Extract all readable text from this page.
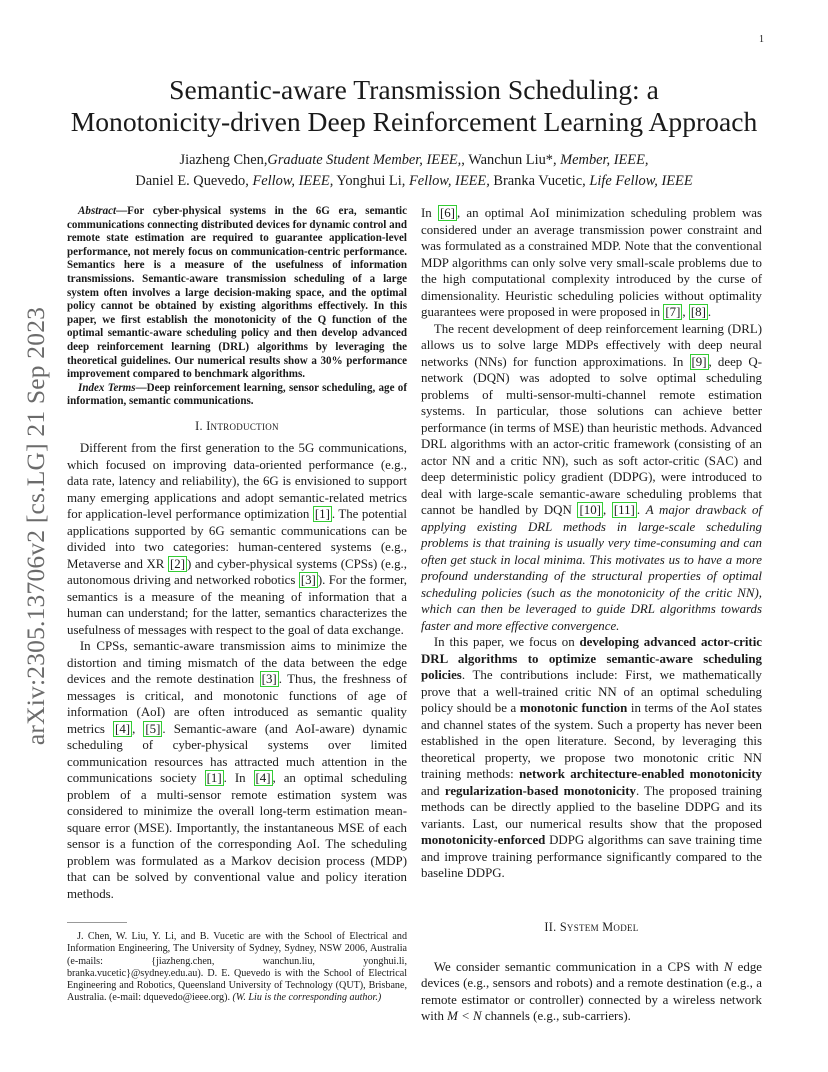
1
arXiv:2305.13706v2 [cs.LG] 21 Sep 2023
Semantic-aware Transmission Scheduling: a
Monotonicity-driven Deep Reinforcement Learning Approach
Jiazheng Chen,Graduate Student Member, IEEE,, Wanchun Liu*, Member, IEEE,
Daniel E. Quevedo, Fellow, IEEE, Yonghui Li, Fellow, IEEE, Branka Vucetic, Life Fellow, IEEE

Abstract—For cyber-physical systems in the 6G era, semantic communications connecting distributed devices for dynamic control and remote state estimation are required to guarantee application-level performance, not merely focus on communication-centric performance. Semantics here is a measure of the usefulness of information transmissions. Semantic-aware transmission scheduling of a large system often involves a large decision-making space, and the optimal policy cannot be obtained by existing algorithms effectively. In this paper, we first establish the monotonicity of the Q function of the optimal semantic-aware scheduling policy and then develop advanced deep reinforcement learning (DRL) algorithms by leveraging the theoretical guidelines. Our numerical results show a 30% performance improvement compared to benchmark algorithms.

Index Terms—Deep reinforcement learning, sensor scheduling, age of information, semantic communications.

I. Introduction

Different from the first generation to the 5G communications, which focused on improving data-oriented performance (e.g., data rate, latency and reliability), the 6G is envisioned to support many emerging applications and adopt semantic-related metrics for application-level performance optimization [1] . The potential applications supported by 6G semantic communications can be divided into two categories: human-centered systems (e.g., Metaverse and XR [2] ) and cyber-physical systems (CPSs) (e.g., autonomous driving and networked robotics [3] ). For the former, semantics is a measure of the meaning of information that a human can understand; for the latter, semantics characterizes the usefulness of messages with respect to the goal of data exchange.

In CPSs, semantic-aware transmission aims to minimize the distortion and timing mismatch of the data between the edge devices and the remote destination [3] . Thus, the freshness of messages is critical, and monotonic functions of age of information (AoI) are often introduced as semantic quality metrics [4] , [5] . Semantic-aware (and AoI-aware) dynamic scheduling of cyber-physical systems over limited communication resources has attracted much attention in the communications society [1] . In [4] , an optimal scheduling problem of a multi-sensor remote estimation system was considered to minimize the overall long-term estimation mean-square error (MSE). Importantly, the instantaneous MSE of each sensor is a function of the corresponding AoI. The scheduling problem was formulated as a Markov decision process (MDP) that can be solved by conventional value and policy iteration methods.

J. Chen, W. Liu, Y. Li, and B. Vucetic are with the School of Electrical and Information Engineering, The University of Sydney, Sydney, NSW 2006, Australia (e-mails: {jiazheng.chen, wanchun.liu, yonghui.li, branka.vucetic}@sydney.edu.au). D. E. Quevedo is with the School of Electrical Engineering and Robotics, Queensland University of Technology (QUT), Brisbane, Australia. (e-mail: dquevedo@ieee.org). (W. Liu is the corresponding author.)

In [6] , an optimal AoI minimization scheduling problem was considered under an average transmission power constraint and was formulated as a constrained MDP. Note that the conventional MDP algorithms can only solve very small-scale problems due to the high computational complexity introduced by the curse of dimensionality. Heuristic scheduling policies without optimality guarantees were proposed in were proposed in [7] , [8] .

The recent development of deep reinforcement learning (DRL) allows us to solve large MDPs effectively with deep neural networks (NNs) for function approximations. In [9] , deep Q-network (DQN) was adopted to solve optimal scheduling problems of multi-sensor-multi-channel remote estimation systems. In particular, those solutions can achieve better performance (in terms of MSE) than heuristic methods. Advanced DRL algorithms with an actor-critic framework (consisting of an actor NN and a critic NN), such as soft actor-critic (SAC) and deep deterministic policy gradient (DDPG), were introduced to deal with large-scale semantic-aware scheduling problems that cannot be handled by DQN [10] , [11] . A major drawback of applying existing DRL methods in large-scale scheduling problems is that training is usually very time-consuming and can often get stuck in local minima. This motivates us to have a more profound understanding of the structural properties of optimal scheduling policies (such as the monotonicity of the critic NN), which can then be leveraged to guide DRL algorithms towards faster and more effective convergence.

In this paper, we focus on developing advanced actor-critic DRL algorithms to optimize semantic-aware scheduling policies. The contributions include: First, we mathematically prove that a well-trained critic NN of an optimal scheduling policy should be a monotonic function in terms of the AoI states and channel states of the system. Such a property has never been established in the open literature. Second, by leveraging this theoretical property, we propose two monotonic critic NN training methods: network architecture-enabled monotonicity and regularization-based monotonicity. The proposed training methods can be directly applied to the baseline DDPG and its variants. Last, our numerical results show that the proposed monotonicity-enforced DDPG algorithms can save training time and improve training performance significantly compared to the baseline DDPG.

II. System Model

We consider semantic communication in a CPS with N edge devices (e.g., sensors and robots) and a remote destination (e.g., a remote estimator or controller) connected by a wireless network with M < N channels (e.g., sub-carriers).
